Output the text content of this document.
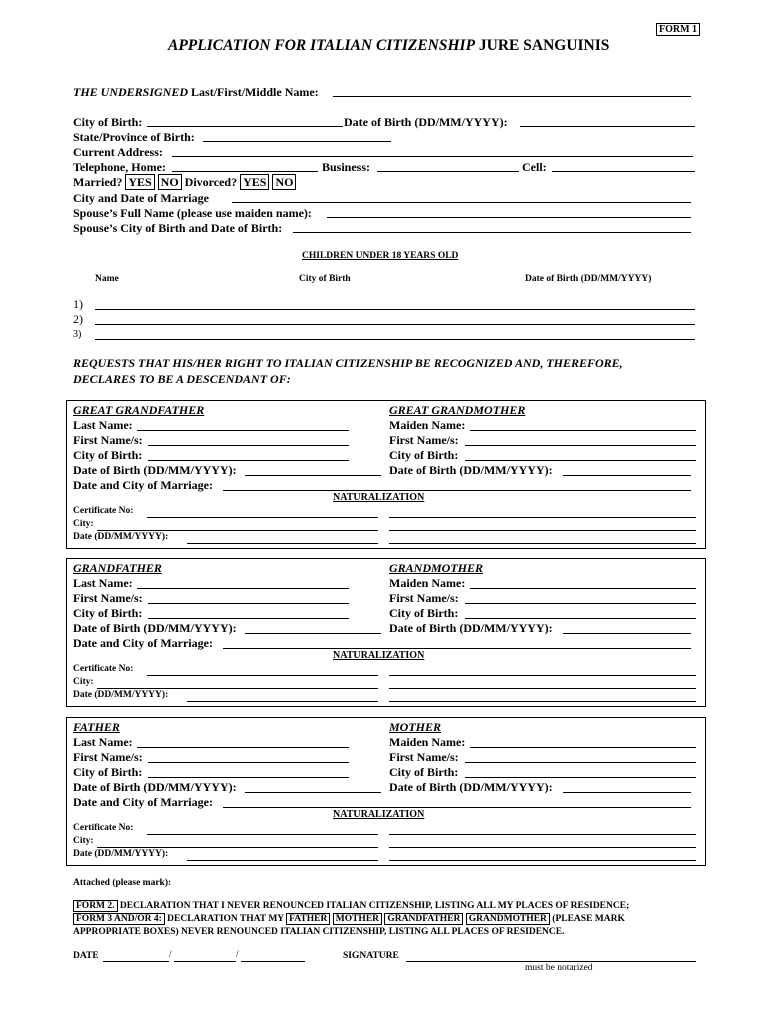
FORM 1
APPLICATION FOR ITALIAN CITIZENSHIP JURE SANGUINIS
THE UNDERSIGNED Last/First/Middle Name:
City of Birth:	Date of Birth (DD/MM/YYYY):
State/Province of Birth:
Current Address:
Telephone, Home:	Business:	Cell:
Married? YES NO Divorced? YES NO
City and Date of Marriage
Spouse’s Full Name (please use maiden name):
Spouse’s City of Birth and Date of Birth:
CHILDREN UNDER 18 YEARS OLD
Name	City of Birth	Date of Birth (DD/MM/YYYY)
1)
2)
3)
REQUESTS THAT HIS/HER RIGHT TO ITALIAN CITIZENSHIP BE RECOGNIZED AND, THEREFORE,
DECLARES TO BE A DESCENDANT OF:
GREAT GRANDFATHER	GREAT GRANDMOTHER
Last Name:	Maiden Name:
First Name/s:	First Name/s:
City of Birth:	City of Birth:
Date of Birth (DD/MM/YYYY):	Date of Birth (DD/MM/YYYY):
Date and City of Marriage:
NATURALIZATION
Certificate No:
City:
Date (DD/MM/YYYY):
GRANDFATHER	GRANDMOTHER
Last Name:	Maiden Name:
First Name/s:	First Name/s:
City of Birth:	City of Birth:
Date of Birth (DD/MM/YYYY):	Date of Birth (DD/MM/YYYY):
Date and City of Marriage:
NATURALIZATION
Certificate No:
City:
Date (DD/MM/YYYY):
FATHER	MOTHER
Last Name:	Maiden Name:
First Name/s:	First Name/s:
City of Birth:	City of Birth:
Date of Birth (DD/MM/YYYY):	Date of Birth (DD/MM/YYYY):
Date and City of Marriage:
NATURALIZATION
Certificate No:
City:
Date (DD/MM/YYYY):
Attached (please mark):
FORM 2. DECLARATION THAT I NEVER RENOUNCED ITALIAN CITIZENSHIP, LISTING ALL MY PLACES OF RESIDENCE;
FORM 3 AND/OR 4: DECLARATION THAT MY FATHER MOTHER GRANDFATHER GRANDMOTHER (PLEASE MARK
APPROPRIATE BOXES) NEVER RENOUNCED ITALIAN CITIZENSHIP, LISTING ALL PLACES OF RESIDENCE.
DATE	/	/	SIGNATURE
must be notarized
